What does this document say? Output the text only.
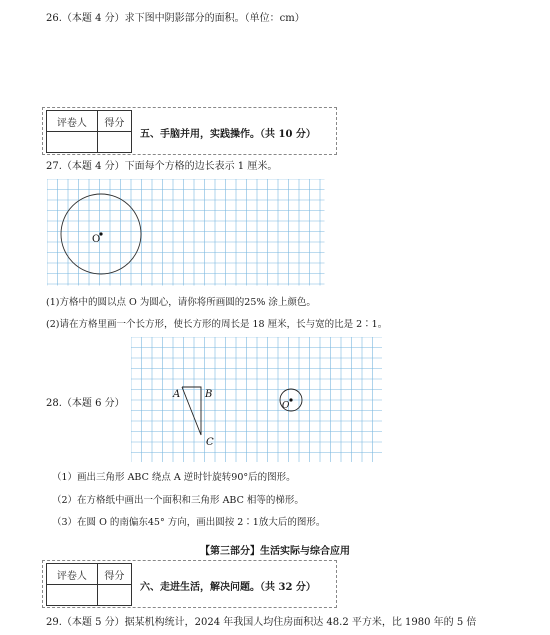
26.（本题 4 分）求下图中阴影部分的面积。（单位：cm）
评卷人	得分

五、手脑并用，实践操作。（共 10 分）
27.（本题 4 分）下面每个方格的边长表示 1 厘米。
O
(1)方格中的圆以点 O 为圆心，请你将所画圆的25% 涂上颜色。
(2)请在方格里画一个长方形，使长方形的周长是 18 厘米，长与宽的比是 2∶1。
A B
C
O
28.（本题 6 分）
（1）画出三角形 ABC 绕点 A 逆时针旋转90°后的图形。
（2）在方格纸中画出一个面积和三角形 ABC 相等的梯形。
（3）在圆 O 的南偏东45° 方向，画出圆按 2∶1放大后的图形。
【第三部分】生活实际与综合应用
评卷人	得分

六、走进生活，解决问题。（共 32 分）
29.（本题 5 分）据某机构统计，2024 年我国人均住房面积达 48.2 平方米，比 1980 年的 5 倍
